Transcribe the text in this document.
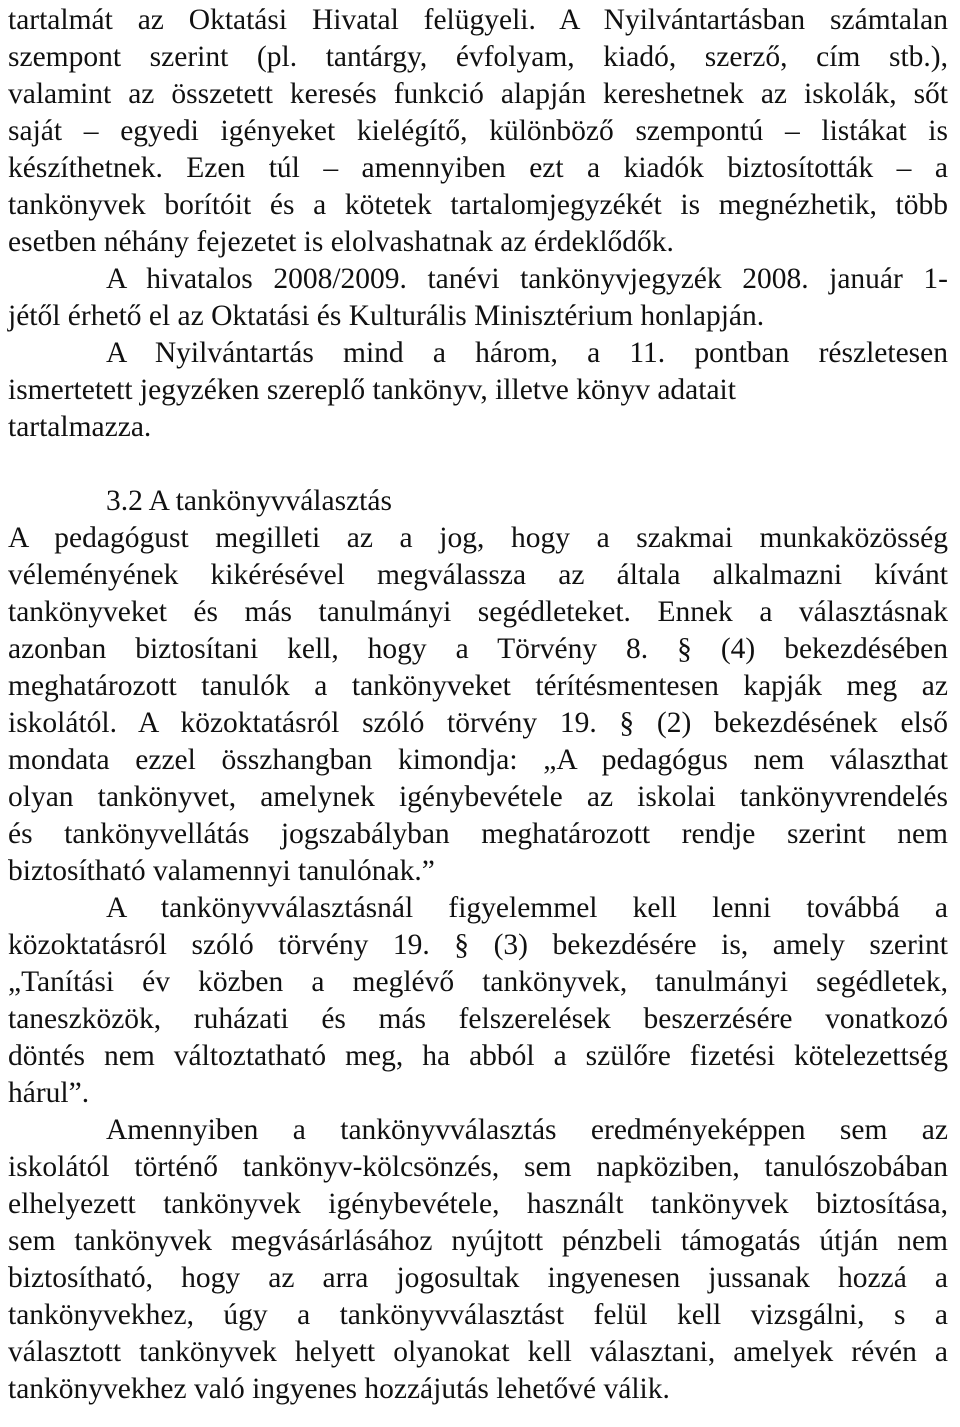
tartalmát az Oktatási Hivatal felügyeli. A Nyilvántartásban számtalan
szempont szerint (pl. tantárgy, évfolyam, kiadó, szerző, cím stb.),
valamint az összetett keresés funkció alapján kereshetnek az iskolák, sőt
saját – egyedi igényeket kielégítő, különböző szempontú – listákat is
készíthetnek. Ezen túl – amennyiben ezt a kiadók biztosították – a
tankönyvek borítóit és a kötetek tartalomjegyzékét is megnézhetik, több
esetben néhány fejezetet is elolvashatnak az érdeklődők.
A hivatalos 2008/2009. tanévi tankönyvjegyzék 2008. január 1-
jétől érhető el az Oktatási és Kulturális Minisztérium honlapján.
A Nyilvántartás mind a három, a 11. pontban részletesen
ismertetett jegyzéken szereplő tankönyv, illetve könyv adatait
tartalmazza.
3.2 A tankönyvválasztás
A pedagógust megilleti az a jog, hogy a szakmai munkaközösség
véleményének kikérésével megválassza az általa alkalmazni kívánt
tankönyveket és más tanulmányi segédleteket. Ennek a választásnak
azonban biztosítani kell, hogy a Törvény 8. § (4) bekezdésében
meghatározott tanulók a tankönyveket térítésmentesen kapják meg az
iskolától. A közoktatásról szóló törvény 19. § (2) bekezdésének első
mondata ezzel összhangban kimondja: „A pedagógus nem választhat
olyan tankönyvet, amelynek igénybevétele az iskolai tankönyvrendelés
és tankönyvellátás jogszabályban meghatározott rendje szerint nem
biztosítható valamennyi tanulónak.”
A tankönyvválasztásnál figyelemmel kell lenni továbbá a
közoktatásról szóló törvény 19. § (3) bekezdésére is, amely szerint
„Tanítási év közben a meglévő tankönyvek, tanulmányi segédletek,
taneszközök, ruházati és más felszerelések beszerzésére vonatkozó
döntés nem változtatható meg, ha abból a szülőre fizetési kötelezettség
hárul”.
Amennyiben a tankönyvválasztás eredményeképpen sem az
iskolától történő tankönyv-kölcsönzés, sem napköziben, tanulószobában
elhelyezett tankönyvek igénybevétele, használt tankönyvek biztosítása,
sem tankönyvek megvásárlásához nyújtott pénzbeli támogatás útján nem
biztosítható, hogy az arra jogosultak ingyenesen jussanak hozzá a
tankönyvekhez, úgy a tankönyvválasztást felül kell vizsgálni, s a
választott tankönyvek helyett olyanokat kell választani, amelyek révén a
tankönyvekhez való ingyenes hozzájutás lehetővé válik.
